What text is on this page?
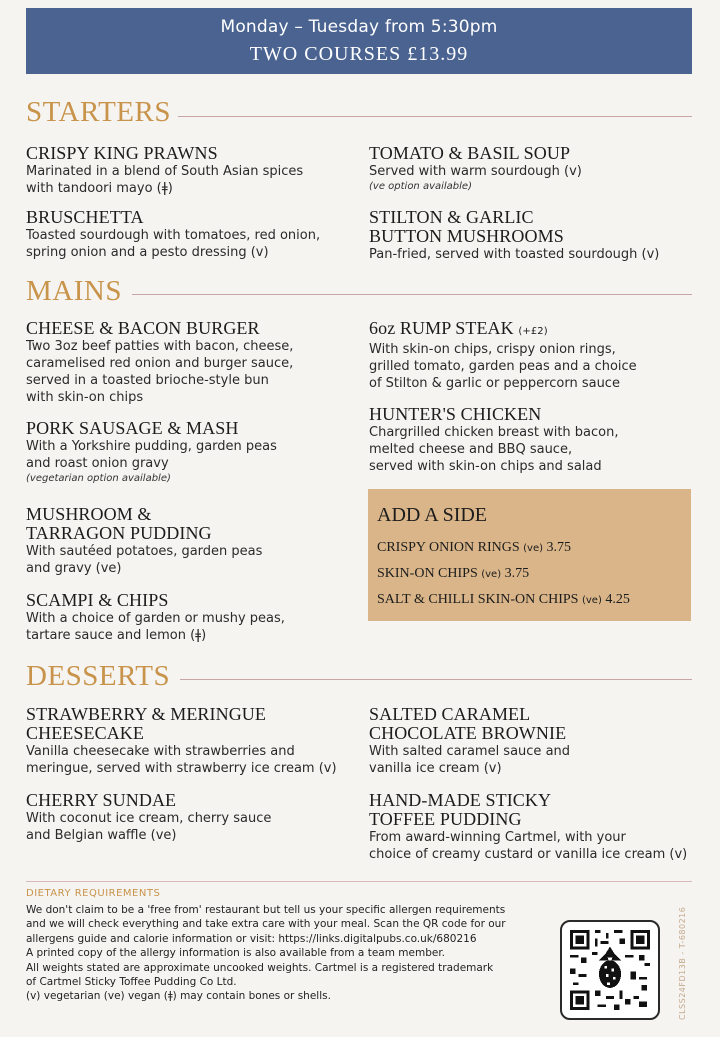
Monday – Tuesday from 5:30pm
TWO COURSES £13.99
STARTERS
CRISPY KING PRAWNS
Marinated in a blend of South Asian spices
with tandoori mayo (ǂ)
BRUSCHETTA
Toasted sourdough with tomatoes, red onion,
spring onion and a pesto dressing (v)
TOMATO & BASIL SOUP
Served with warm sourdough (v)
(ve option available)
STILTON & GARLIC
BUTTON MUSHROOMS
Pan-fried, served with toasted sourdough (v)
MAINS
CHEESE & BACON BURGER
Two 3oz beef patties with bacon, cheese,
caramelised red onion and burger sauce,
served in a toasted brioche-style bun
with skin-on chips
PORK SAUSAGE & MASH
With a Yorkshire pudding, garden peas
and roast onion gravy
(vegetarian option available)
MUSHROOM &
TARRAGON PUDDING
With sautéed potatoes, garden peas
and gravy (ve)
SCAMPI & CHIPS
With a choice of garden or mushy peas,
tartare sauce and lemon (ǂ)
6oz RUMP STEAK (+£2)
With skin-on chips, crispy onion rings,
grilled tomato, garden peas and a choice
of Stilton & garlic or peppercorn sauce
HUNTER'S CHICKEN
Chargrilled chicken breast with bacon,
melted cheese and BBQ sauce,
served with skin-on chips and salad
ADD A SIDE
CRISPY ONION RINGS (ve) 3.75
SKIN-ON CHIPS (ve) 3.75
SALT & CHILLI SKIN-ON CHIPS (ve) 4.25
DESSERTS
STRAWBERRY & MERINGUE
CHEESECAKE
Vanilla cheesecake with strawberries and
meringue, served with strawberry ice cream (v)
CHERRY SUNDAE
With coconut ice cream, cherry sauce
and Belgian waffle (ve)
SALTED CARAMEL
CHOCOLATE BROWNIE
With salted caramel sauce and
vanilla ice cream (v)
HAND-MADE STICKY
TOFFEE PUDDING
From award-winning Cartmel, with your
choice of creamy custard or vanilla ice cream (v)
DIETARY REQUIREMENTS
We don't claim to be a 'free from' restaurant but tell us your specific allergen requirements
and we will check everything and take extra care with your meal. Scan the QR code for our
allergens guide and calorie information or visit: https://links.digitalpubs.co.uk/680216
A printed copy of the allergy information is also available from a team member.
All weights stated are approximate uncooked weights. Cartmel is a registered trademark
of Cartmel Sticky Toffee Pudding Co Ltd.
(v) vegetarian (ve) vegan (ǂ) may contain bones or shells.	CLSS24FD13B - T-680216
